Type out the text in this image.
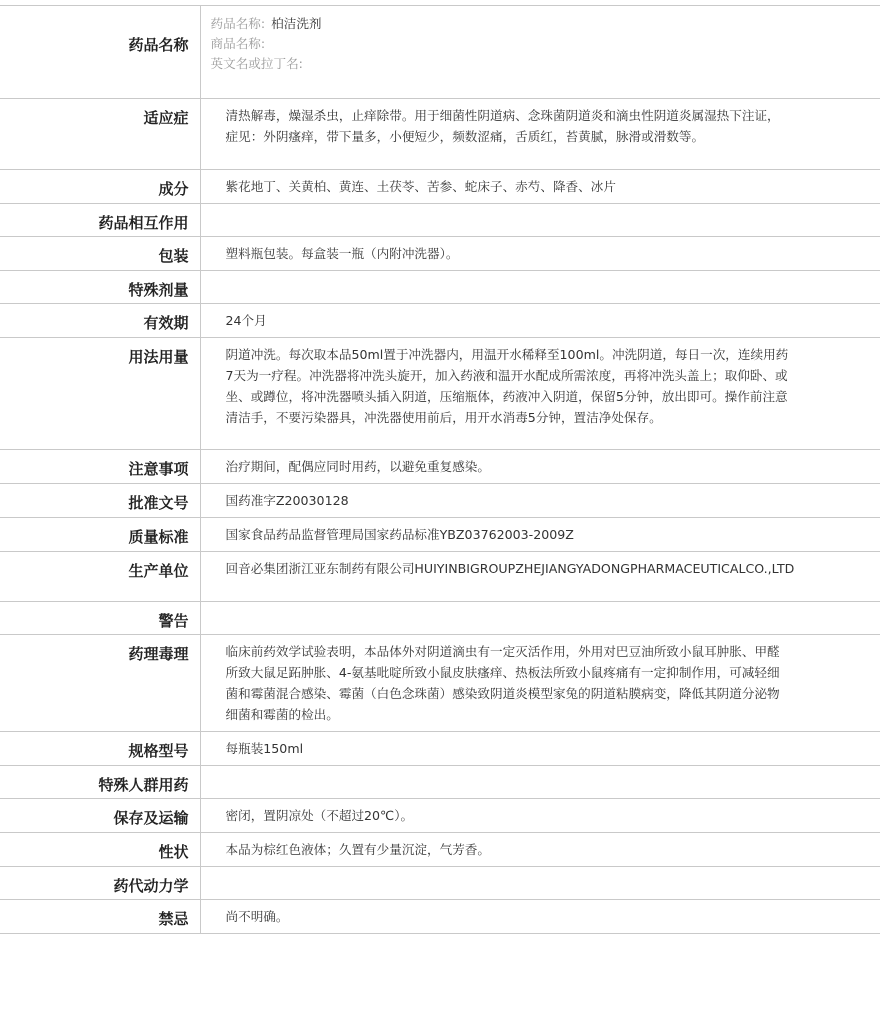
药品名称	药品名称: 柏洁洗剂
商品名称:
英文名或拉丁名:

适应症	清热解毒，燥湿杀虫，止痒除带。用于细菌性阴道病、念珠菌阴道炎和滴虫性阴道炎属湿热下注证，症见：外阴瘙痒，带下量多，小便短少，频数涩痛，舌质红，苔黄腻，脉滑或滑数等。
成分	紫花地丁、关黄柏、黄连、土茯苓、苦参、蛇床子、赤芍、降香、冰片
药品相互作用	
包装	塑料瓶包装。每盒装一瓶（内附冲洗器）。
特殊剂量	
有效期	24个月
用法用量	阴道冲洗。每次取本品50ml置于冲洗器内，用温开水稀释至100ml。冲洗阴道，每日一次，连续用药7天为一疗程。冲洗器将冲洗头旋开，加入药液和温开水配成所需浓度，再将冲洗头盖上；取仰卧、或坐、或蹲位，将冲洗器喷头插入阴道，压缩瓶体，药液冲入阴道，保留5分钟，放出即可。操作前注意清洁手，不要污染器具，冲洗器使用前后，用开水消毒5分钟，置洁净处保存。
注意事项	治疗期间，配偶应同时用药，以避免重复感染。
批准文号	国药准字Z20030128
质量标准	国家食品药品监督管理局国家药品标准YBZ03762003-2009Z
生产单位	回音必集团浙江亚东制药有限公司HUIYINBIGROUPZHEJIANGYADONGPHARMACEUTICALCO.,LTD
警告	
药理毒理	临床前药效学试验表明，本品体外对阴道滴虫有一定灭活作用，外用对巴豆油所致小鼠耳肿胀、甲醛所致大鼠足跖肿胀、4-氨基吡啶所致小鼠皮肤瘙痒、热板法所致小鼠疼痛有一定抑制作用，可减轻细菌和霉菌混合感染、霉菌（白色念珠菌）感染致阴道炎模型家兔的阴道粘膜病变，降低其阴道分泌物细菌和霉菌的检出。
规格型号	每瓶装150ml
特殊人群用药	
保存及运输	密闭，置阴凉处（不超过20℃）。
性状	本品为棕红色液体；久置有少量沉淀，气芳香。
药代动力学	
禁忌	尚不明确。
